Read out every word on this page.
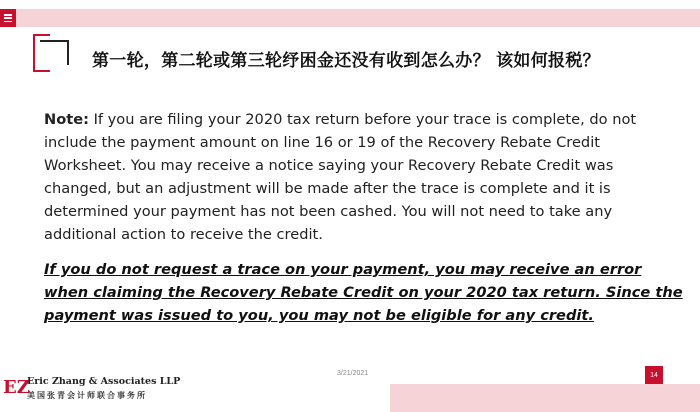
第一轮，第二轮或第三轮纾困金还没有收到怎么办？ 该如何报税？
Note: If you are filing your 2020 tax return before your trace is complete, do not include the payment amount on line 16 or 19 of the Recovery Rebate Credit Worksheet. You may receive a notice saying your Recovery Rebate Credit was changed, but an adjustment will be made after the trace is complete and it is determined your payment has not been cashed. You will not need to take any additional action to receive the credit.
If you do not request a trace on your payment, you may receive an error when claiming the Recovery Rebate Credit on your 2020 tax return. Since the payment was issued to you, you may not be eligible for any credit.
3/21/2021	14
EZ
Eric Zhang & Associates LLP
美国张青会计师联合事务所
